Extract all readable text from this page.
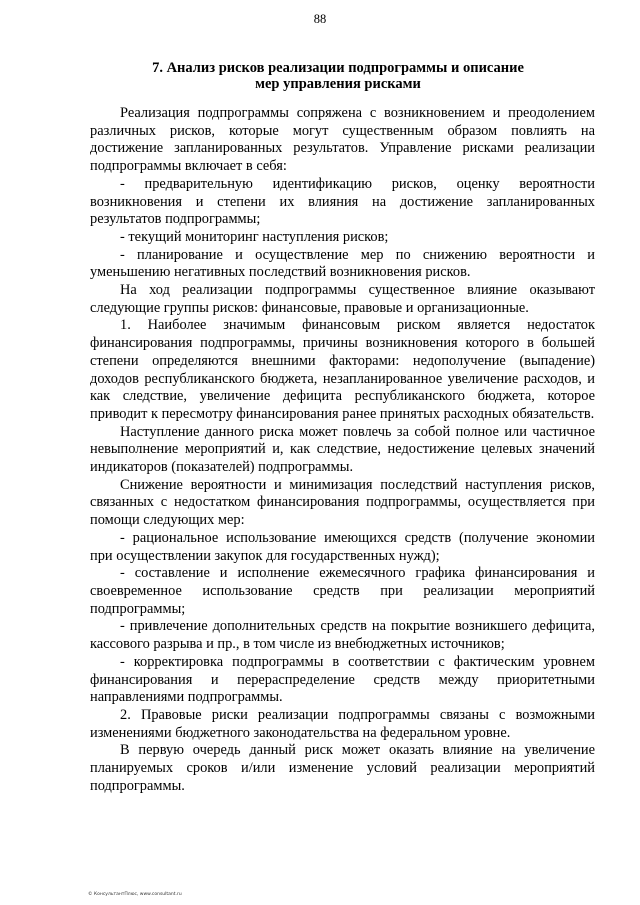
88
7. Анализ рисков реализации подпрограммы и описание
мер управления рисками

Реализация подпрограммы сопряжена с возникновением и преодолением различных рисков, которые могут существенным образом повлиять на достижение запланированных результатов. Управление рисками реализации подпрограммы включает в себя:

- предварительную идентификацию рисков, оценку вероятности возникновения и степени их влияния на достижение запланированных результатов подпрограммы;

- текущий мониторинг наступления рисков;

- планирование и осуществление мер по снижению вероятности и уменьшению негативных последствий возникновения рисков.

На ход реализации подпрограммы существенное влияние оказывают следующие группы рисков: финансовые, правовые и организационные.

1. Наиболее значимым финансовым риском является недостаток финансирования подпрограммы, причины возникновения которого в большей степени определяются внешними факторами: недополучение (выпадение) доходов республиканского бюджета, незапланированное увеличение расходов, и как следствие, увеличение дефицита республиканского бюджета, которое приводит к пересмотру финансирования ранее принятых расходных обязательств.

Наступление данного риска может повлечь за собой полное или частичное невыполнение мероприятий и, как следствие, недостижение целевых значений индикаторов (показателей) подпрограммы.

Снижение вероятности и минимизация последствий наступления рисков, связанных с недостатком финансирования подпрограммы, осуществляется при помощи следующих мер:

- рациональное использование имеющихся средств (получение экономии при осуществлении закупок для государственных нужд);

- составление и исполнение ежемесячного графика финансирования и своевременное использование средств при реализации мероприятий подпрограммы;

- привлечение дополнительных средств на покрытие возникшего дефицита, кассового разрыва и пр., в том числе из внебюджетных источников;

- корректировка подпрограммы в соответствии с фактическим уровнем финансирования и перераспределение средств между приоритетными направлениями подпрограммы.

2. Правовые риски реализации подпрограммы связаны с возможными изменениями бюджетного законодательства на федеральном уровне.

В первую очередь данный риск может оказать влияние на увеличение планируемых сроков и/или изменение условий реализации мероприятий подпрограммы.

© КонсультантПлюс, www.consultant.ru
